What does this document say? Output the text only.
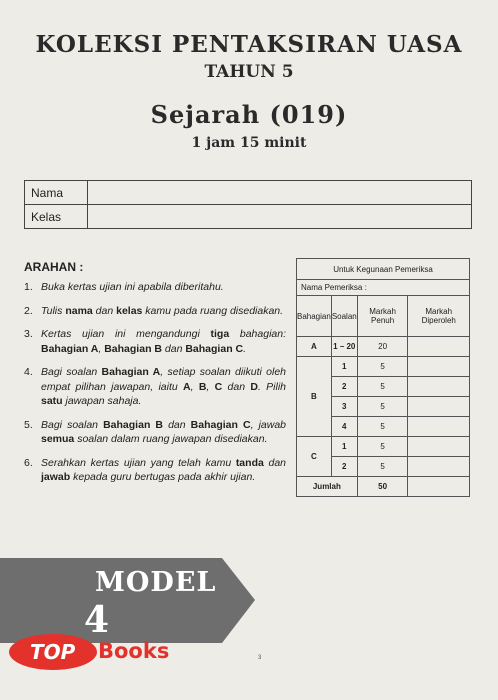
KOLEKSI PENTAKSIRAN UASA
TAHUN 5
Sejarah (019)
1 jam 15 minit
Nama	
Kelas	
ARAHAN :
1. Buka kertas ujian ini apabila diberitahu.
2. Tulis nama dan kelas kamu pada ruang disediakan.
3. Kertas ujian ini mengandungi tiga bahagian: Bahagian A, Bahagian B dan Bahagian C.
4. Bagi soalan Bahagian A, setiap soalan diikuti oleh empat pilihan jawapan, iaitu A, B, C dan D. Pilih satu jawapan sahaja.
5. Bagi soalan Bahagian B dan Bahagian C, jawab semua soalan dalam ruang jawapan disediakan.
6. Serahkan kertas ujian yang telah kamu tanda dan jawab kepada guru bertugas pada akhir ujian.
Untuk Kegunaan Pemeriksa			
Nama Pemeriksa :			
Bahagian	Soalan	Markah Penuh	Markah Diperoleh
A	1 – 20	20	
B	1	5	
	2	5	
	3	5	
	4	5	
C	1	5	
	2	5	
Jumlah		50	
MODEL
4
TOP Books	3
